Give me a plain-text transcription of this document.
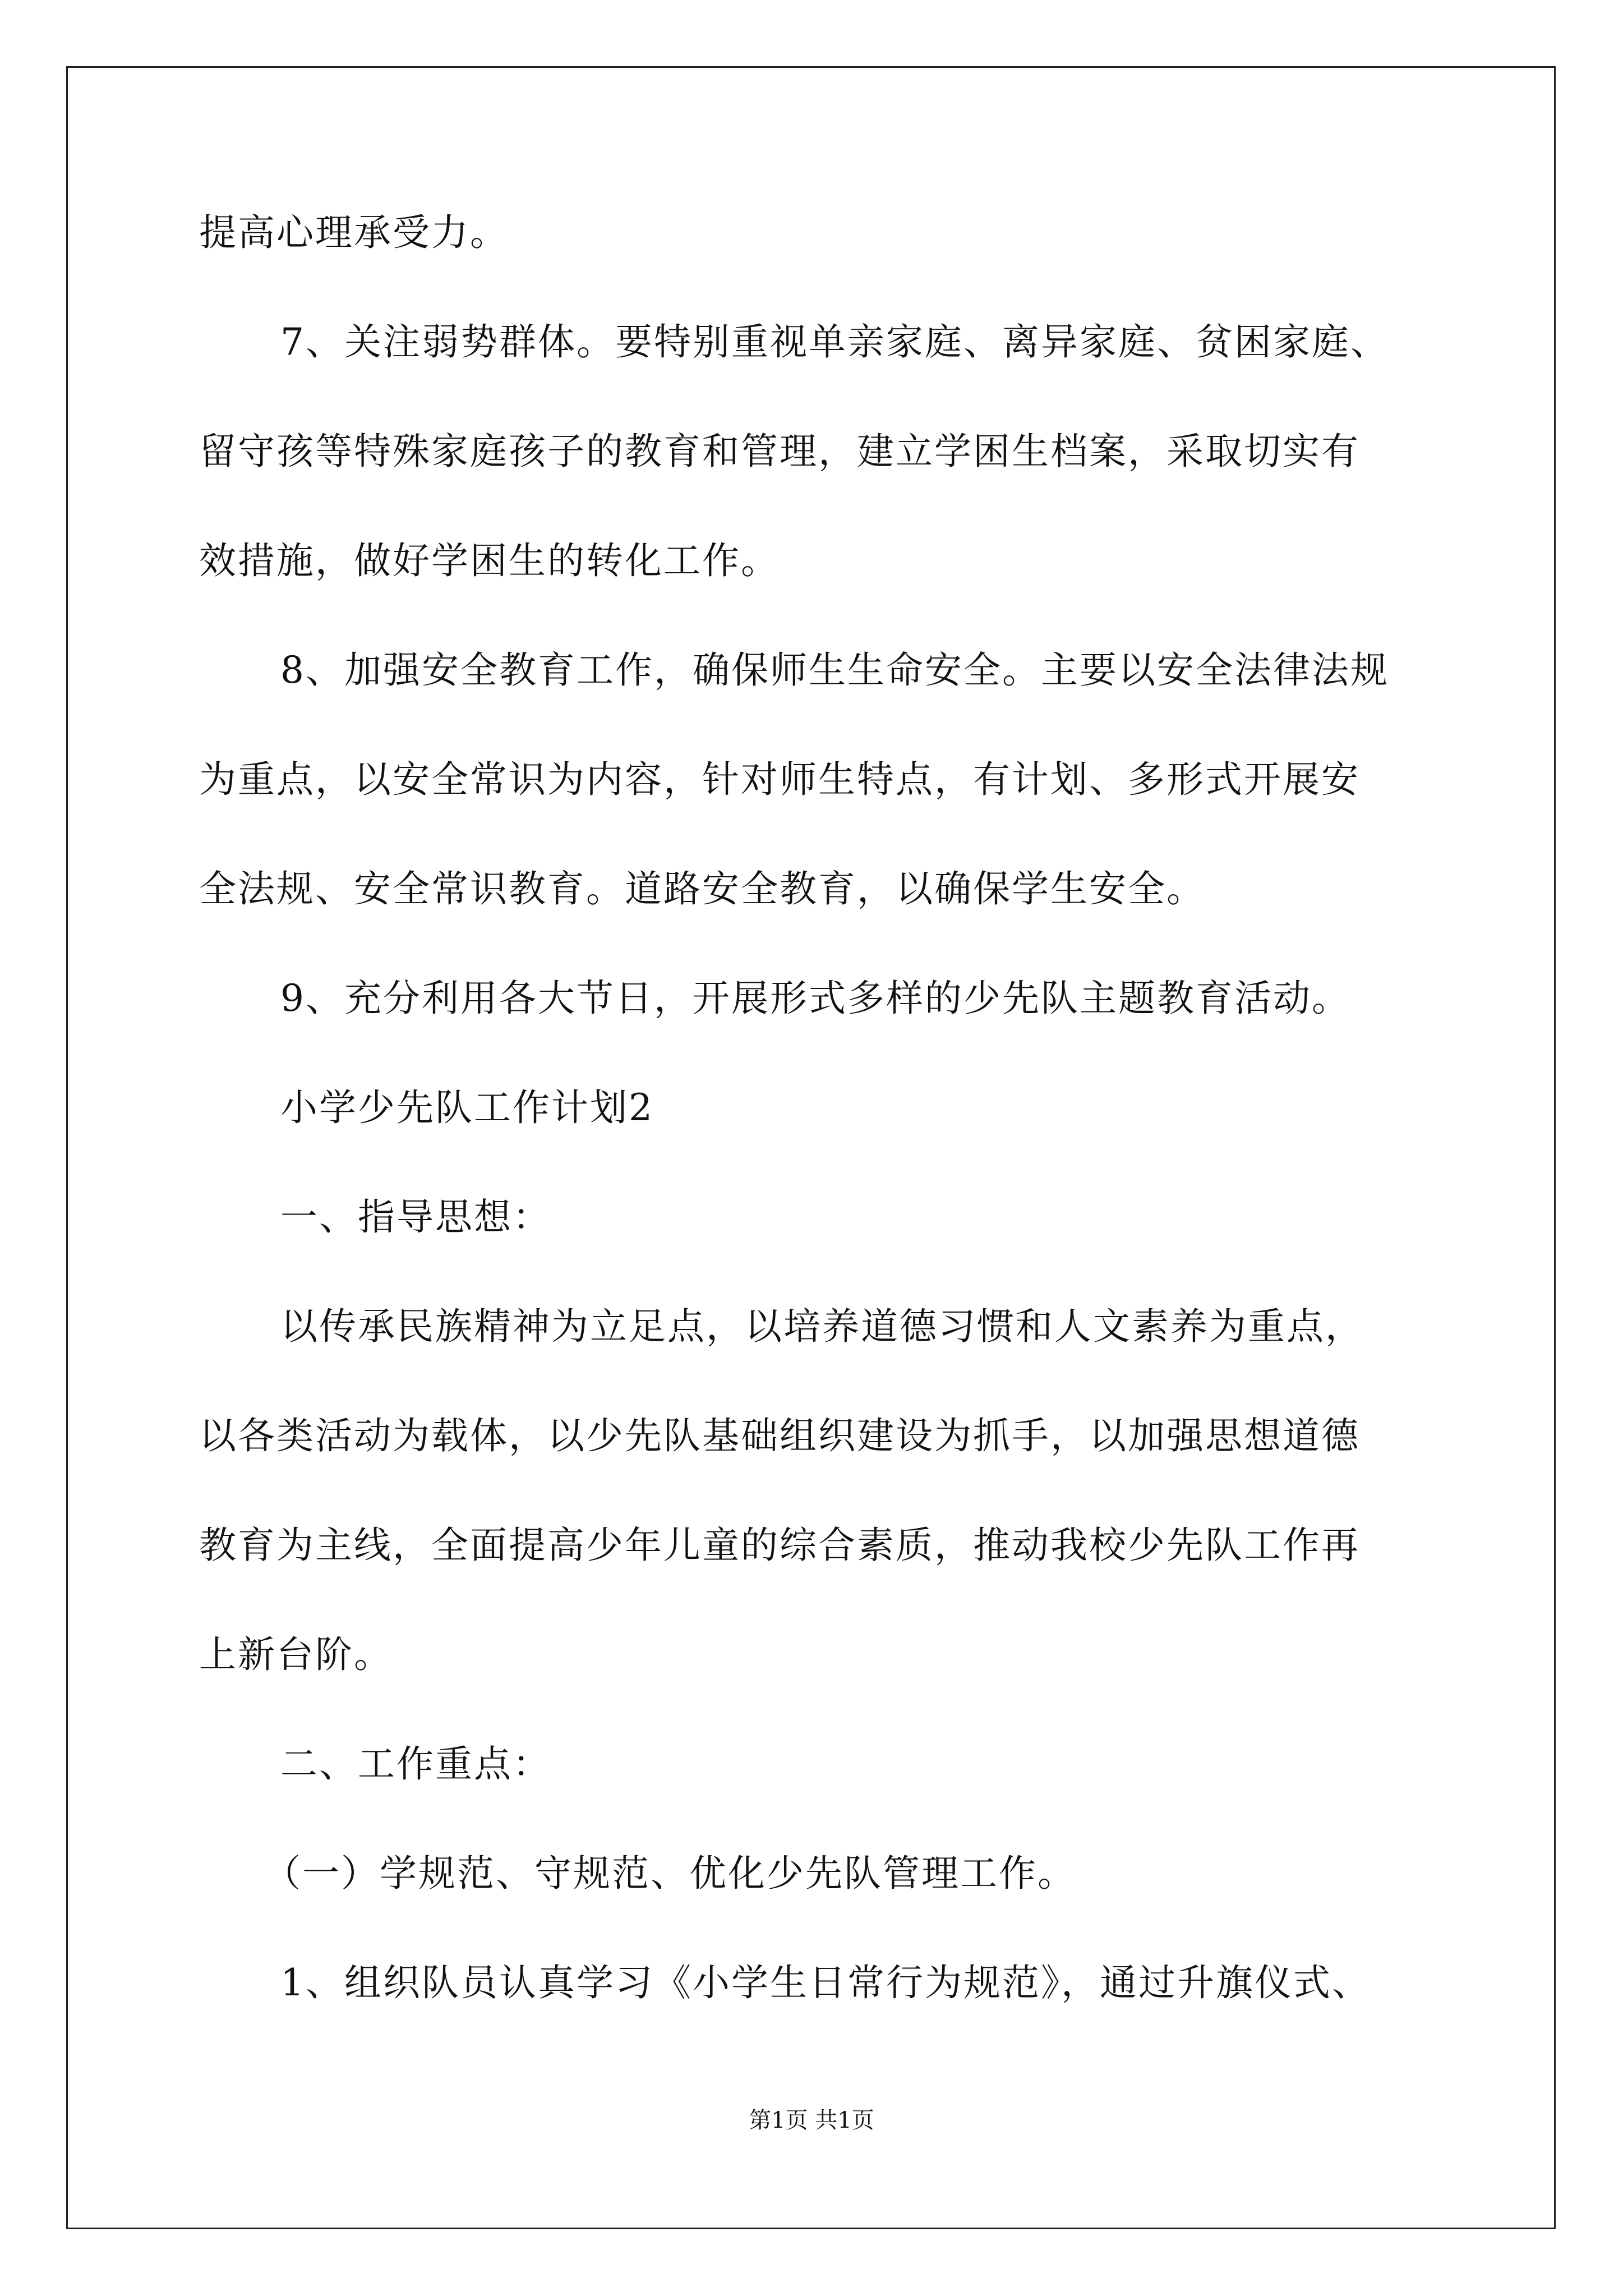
提高心理承受力。
7、关注弱势群体。要特别重视单亲家庭、离异家庭、贫困家庭、
留守孩等特殊家庭孩子的教育和管理，建立学困生档案，采取切实有
效措施，做好学困生的转化工作。
8、加强安全教育工作，确保师生生命安全。主要以安全法律法规
为重点，以安全常识为内容，针对师生特点，有计划、多形式开展安
全法规、安全常识教育。道路安全教育，以确保学生安全。
9、充分利用各大节日，开展形式多样的少先队主题教育活动。
小学少先队工作计划2
一、指导思想：
以传承民族精神为立足点，以培养道德习惯和人文素养为重点，
以各类活动为载体，以少先队基础组织建设为抓手，以加强思想道德
教育为主线，全面提高少年儿童的综合素质，推动我校少先队工作再
上新台阶。
二、工作重点：
（一）学规范、守规范、优化少先队管理工作。
1、组织队员认真学习《小学生日常行为规范》，通过升旗仪式、
第1页 共1页
